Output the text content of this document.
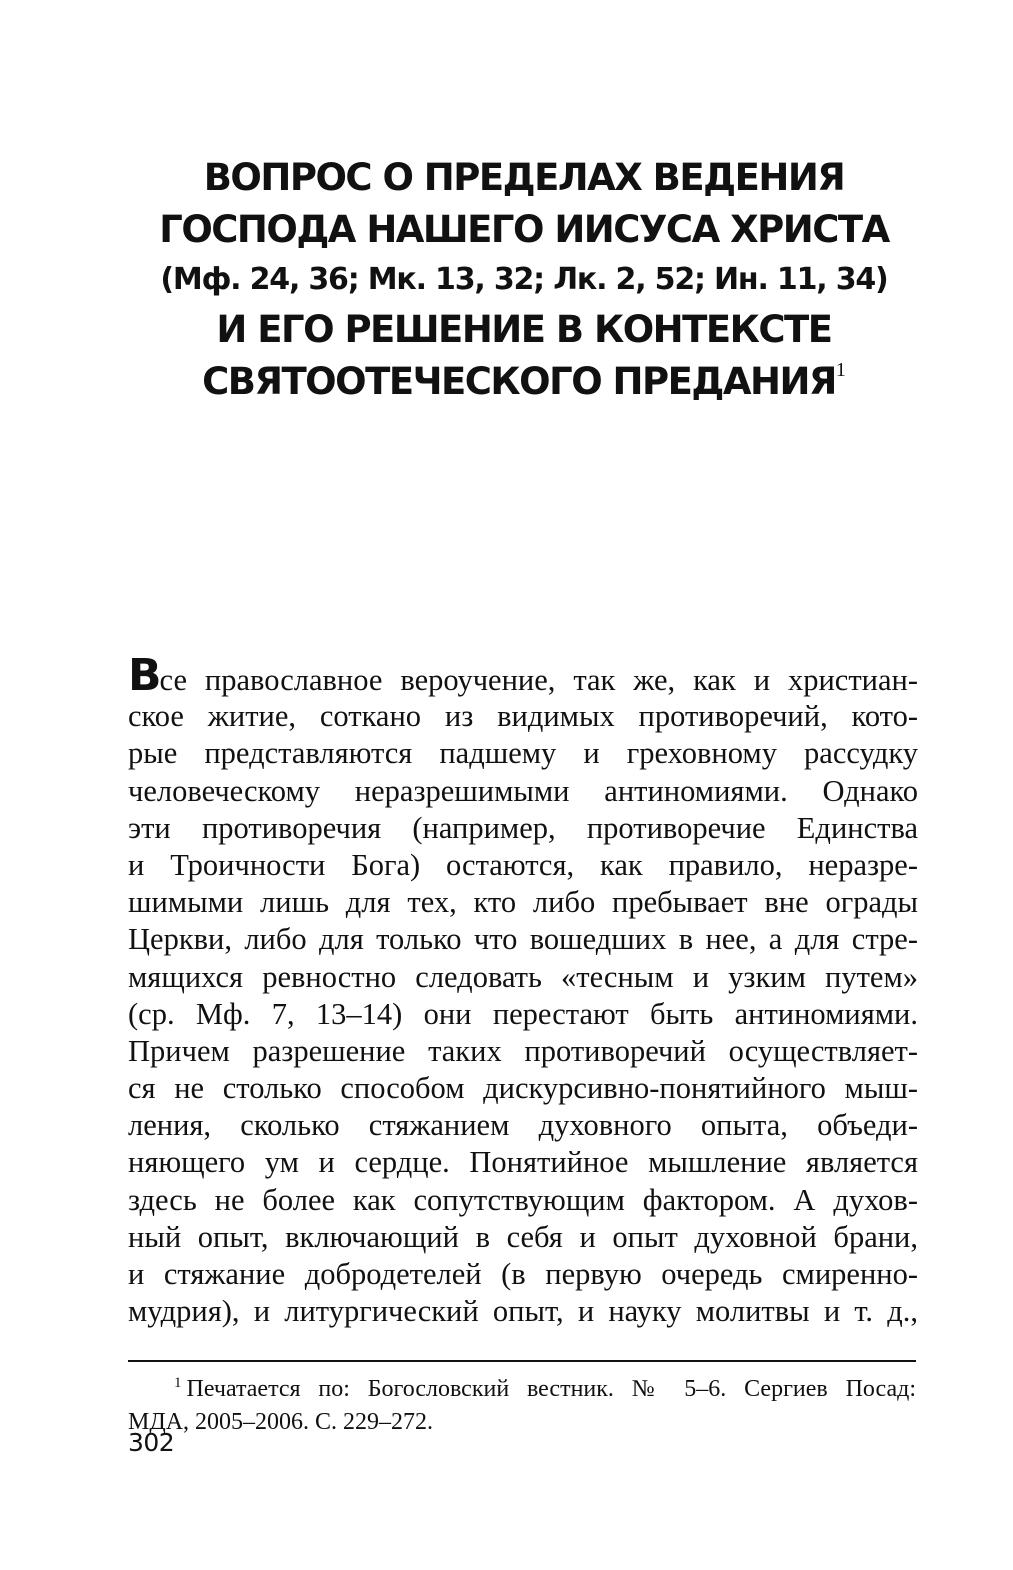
ВОПРОС О ПРЕДЕЛАХ ВЕДЕНИЯ
ГОСПОДА НАШЕГО ИИСУСА ХРИСТА
(Мф. 24, 36; Мк. 13, 32; Лк. 2, 52; Ин. 11, 34)
И ЕГО РЕШЕНИЕ В КОНТЕКСТЕ
СВЯТООТЕЧЕСКОГО ПРЕДАНИЯ$^1$
Все православное вероучение, так же, как и христиан-
ское житие, соткано из видимых противоречий, кото-
рые представляются падшему и греховному рассудку
человеческому неразрешимыми антиномиями. Однако
эти противоречия (например, противоречие Единства
и Троичности Бога) остаются, как правило, неразре-
шимыми лишь для тех, кто либо пребывает вне ограды
Церкви, либо для только что вошедших в нее, а для стре-
мящихся ревностно следовать «тесным и узким путем»
(ср. Мф. 7, 13–14) они перестают быть антиномиями.
Причем разрешение таких противоречий осуществляет-
ся не столько способом дискурсивно-понятийного мыш-
ления, сколько стяжанием духовного опыта, объеди-
няющего ум и сердце. Понятийное мышление является
здесь не более как сопутствующим фактором. А духов-
ный опыт, включающий в себя и опыт духовной брани,
и стяжание добродетелей (в первую очередь смиренно-
мудрия), и литургический опыт, и науку молитвы и т. д.,
$^1$ Печатается по: Богословский вестник. № 5–6. Сергиев Посад:
МДА, 2005–2006. С. 229–272.
302
